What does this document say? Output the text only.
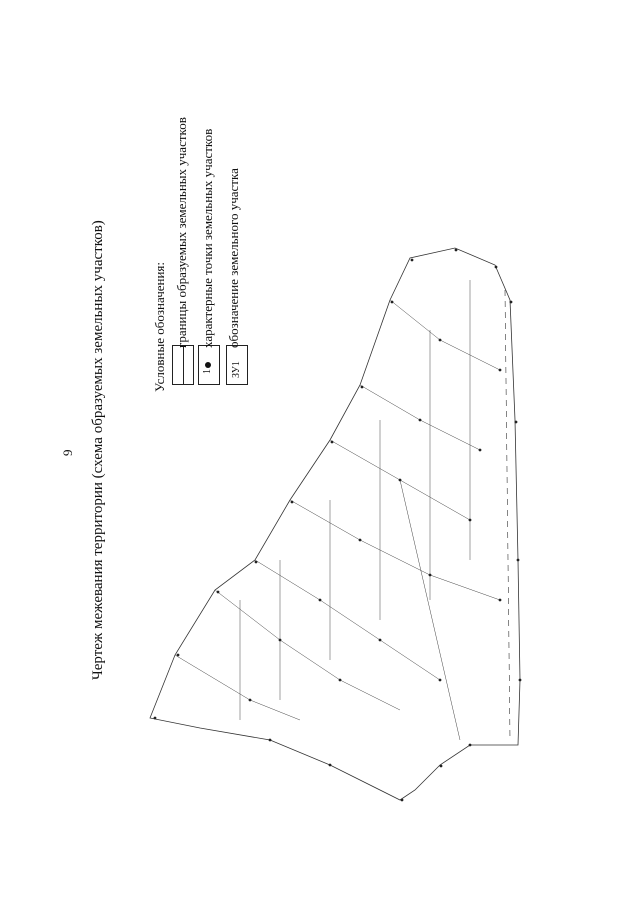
9 Чертеж межевания территории (схема образуемых земельных участков)	Условные обозначения: границы образуемых земельных участков
1
характерные точки земельных участков
ЗУ1
обозначение земельного участка
